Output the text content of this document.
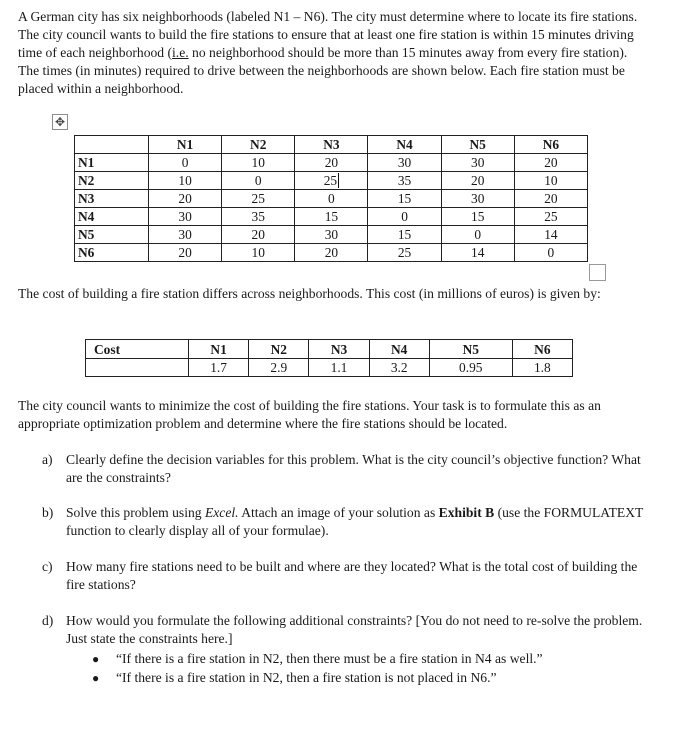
A German city has six neighborhoods (labeled N1 – N6). The city must determine where to locate its fire stations. The city council wants to build the fire stations to ensure that at least one fire station is within 15 minutes driving time of each neighborhood (i.e. no neighborhood should be more than 15 minutes away from every fire station). The times (in minutes) required to drive between the neighborhoods are shown below. Each fire station must be placed within a neighborhood.

✥
	N1	N2	N3	N4	N5	N6
N1	0	10	20	30	30	20
N2	10	0	25	35	20	10
N3	20	25	0	15	30	20
N4	30	35	15	0	15	25
N5	30	20	30	15	0	14
N6	20	10	20	25	14	0

The cost of building a fire station differs across neighborhoods. This cost (in millions of euros) is given by:

Cost	N1	N2	N3	N4	N5	N6
	1.7	2.9	1.1	3.2	0.95	1.8

The city council wants to minimize the cost of building the fire stations. Your task is to formulate this as an appropriate optimization problem and determine where the fire stations should be located.

a) Clearly define the decision variables for this problem. What is the city council’s objective function? What are the constraints?
b) Solve this problem using Excel. Attach an image of your solution as Exhibit B (use the FORMULATEXT function to clearly display all of your formulae).
c) How many fire stations need to be built and where are they located? What is the total cost of building the fire stations?
d) How would you formulate the following additional constraints? [You do not need to re-solve the problem. Just state the constraints here.]
● “If there is a fire station in N2, then there must be a fire station in N4 as well.”
● “If there is a fire station in N2, then a fire station is not placed in N6.”
